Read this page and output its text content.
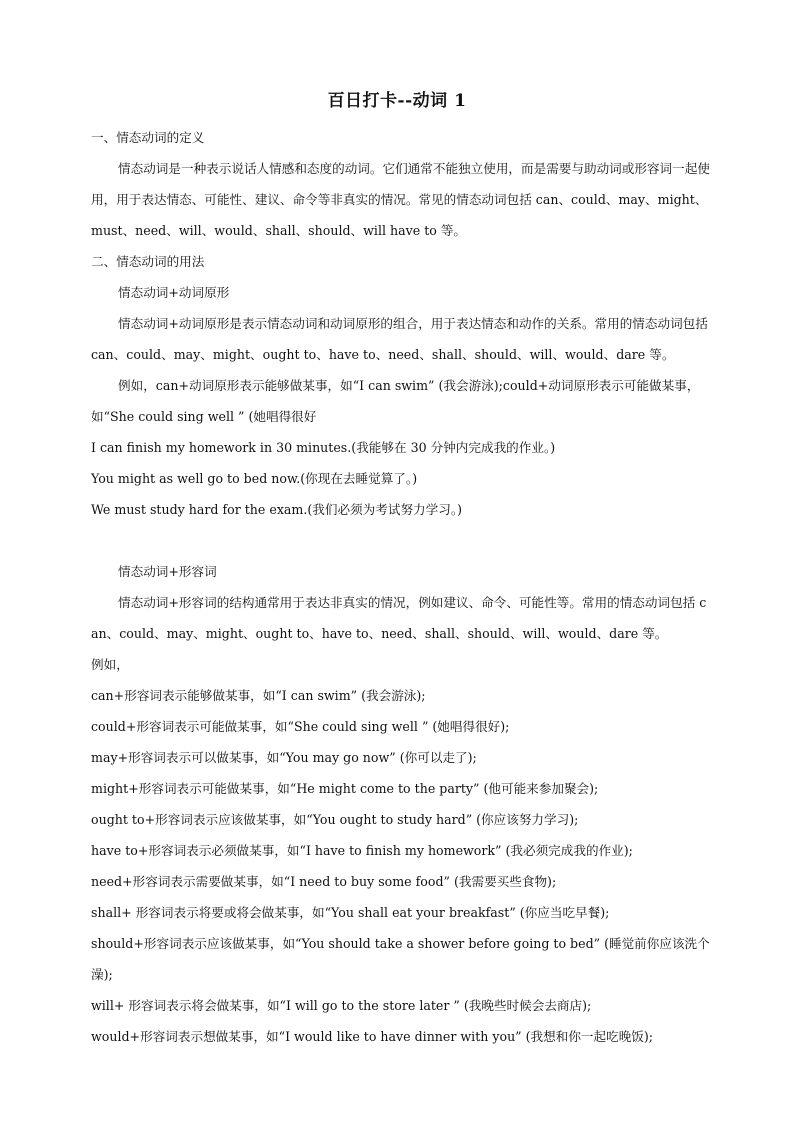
百日打卡--动词 1

一、情态动词的定义

情态动词是一种表示说话人情感和态度的动词。它们通常不能独立使用，而是需要与助动词或形容词一起使用，用于表达情态、可能性、建议、命令等非真实的情况。常见的情态动词包括 can、could、may、might、must、need、will、would、shall、should、will have to 等。

二、情态动词的用法

情态动词+动词原形

情态动词+动词原形是表示情态动词和动词原形的组合，用于表达情态和动作的关系。常用的情态动词包括 can、could、may、might、ought to、have to、need、shall、should、will、would、dare 等。

例如，can+动词原形表示能够做某事，如“I can swim” (我会游泳);could+动词原形表示可能做某事，如“She could sing well ” (她唱得很好

I can finish my homework in 30 minutes.(我能够在 30 分钟内完成我的作业。)

You might as well go to bed now.(你现在去睡觉算了。)

We must study hard for the exam.(我们必须为考试努力学习。)

情态动词+形容词

情态动词+形容词的结构通常用于表达非真实的情况，例如建议、命令、可能性等。常用的情态动词包括 can、could、may、might、ought to、have to、need、shall、should、will、would、dare 等。

例如，

can+形容词表示能够做某事，如“I can swim” (我会游泳);

could+形容词表示可能做某事，如“She could sing well ” (她唱得很好);

may+形容词表示可以做某事，如“You may go now” (你可以走了);

might+形容词表示可能做某事，如“He might come to the party” (他可能来参加聚会);

ought to+形容词表示应该做某事，如“You ought to study hard” (你应该努力学习);

have to+形容词表示必须做某事，如“I have to finish my homework” (我必须完成我的作业);

need+形容词表示需要做某事，如“I need to buy some food” (我需要买些食物);

shall+ 形容词表示将要或将会做某事，如“You shall eat your breakfast” (你应当吃早餐);

should+形容词表示应该做某事，如“You should take a shower before going to bed” (睡觉前你应该洗个澡);

will+ 形容词表示将会做某事，如“I will go to the store later ” (我晚些时候会去商店);

would+形容词表示想做某事，如“I would like to have dinner with you” (我想和你一起吃晚饭);
